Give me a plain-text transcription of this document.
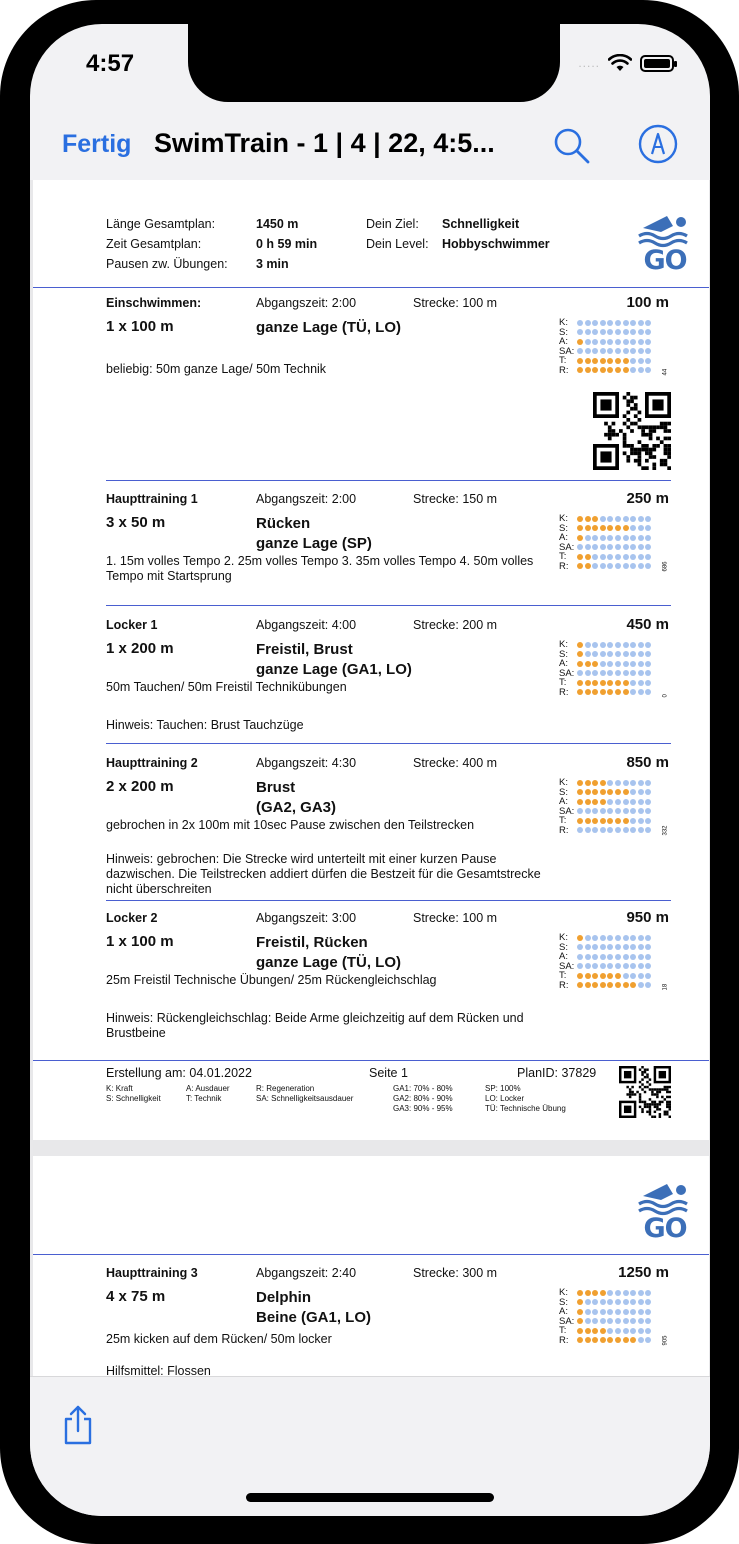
4:57	.....
Fertig SwimTrain - 1 | 4 | 22, 4:5...
Länge Gesamtplan:	1450 m	Dein Ziel:	Schnelligkeit
Zeit Gesamtplan:	0 h 59 min	Dein Level:	Hobbyschwimmer
Pausen zw. Übungen:	3 min	GO
Einschwimmen:	Abgangszeit: 2:00	Strecke: 100 m	100 m
1 x 100 m	ganze Lage (TÜ, LO)
beliebig: 50m ganze Lage/ 50m Technik
K:
S:
A:
SA:
T:
R:	44
Haupttraining 1	Abgangszeit: 2:00	Strecke: 150 m	250 m
3 x 50 m	Rücken
ganze Lage (SP)
1. 15m volles Tempo 2. 25m volles Tempo 3. 35m volles Tempo 4. 50m volles Tempo mit Startsprung
K:
S:
A:
SA:
T:
R:	686
Locker 1	Abgangszeit: 4:00	Strecke: 200 m	450 m
1 x 200 m	Freistil, Brust
ganze Lage (GA1, LO)
50m Tauchen/ 50m Freistil Technikübungen
Hinweis: Tauchen: Brust Tauchzüge
K:
S:
A:
SA:
T:
R:	0
Haupttraining 2	Abgangszeit: 4:30	Strecke: 400 m	850 m
2 x 200 m	Brust
(GA2, GA3)
gebrochen in 2x 100m mit 10sec Pause zwischen den Teilstrecken
Hinweis: gebrochen: Die Strecke wird unterteilt mit einer kurzen Pause dazwischen. Die Teilstrecken addiert dürfen die Bestzeit für die Gesamtstrecke nicht überschreiten
K:
S:
A:
SA:
T:
R:	332
Locker 2	Abgangszeit: 3:00	Strecke: 100 m	950 m
1 x 100 m	Freistil, Rücken
ganze Lage (TÜ, LO)
25m Freistil Technische Übungen/ 25m Rückengleichschlag
Hinweis: Rückengleichschlag: Beide Arme gleichzeitig auf dem Rücken und Brustbeine
K:
S:
A:
SA:
T:
R:	18
Erstellung am: 04.01.2022	Seite 1	PlanID: 37829
K: Kraft
S: Schnelligkeit
A: Ausdauer
T: Technik
R: Regeneration
SA: Schnelligkeitsausdauer
GA1: 70% - 80%
GA2: 80% - 90%
GA3: 90% - 95%
SP: 100%
LO: Locker
TÜ: Technische Übung
GO
Haupttraining 3	Abgangszeit: 2:40	Strecke: 300 m	1250 m
4 x 75 m	Delphin
Beine (GA1, LO)
25m kicken auf dem Rücken/ 50m locker
Hilfsmittel: Flossen
K:
S:
A:
SA:
T:
R:	905
